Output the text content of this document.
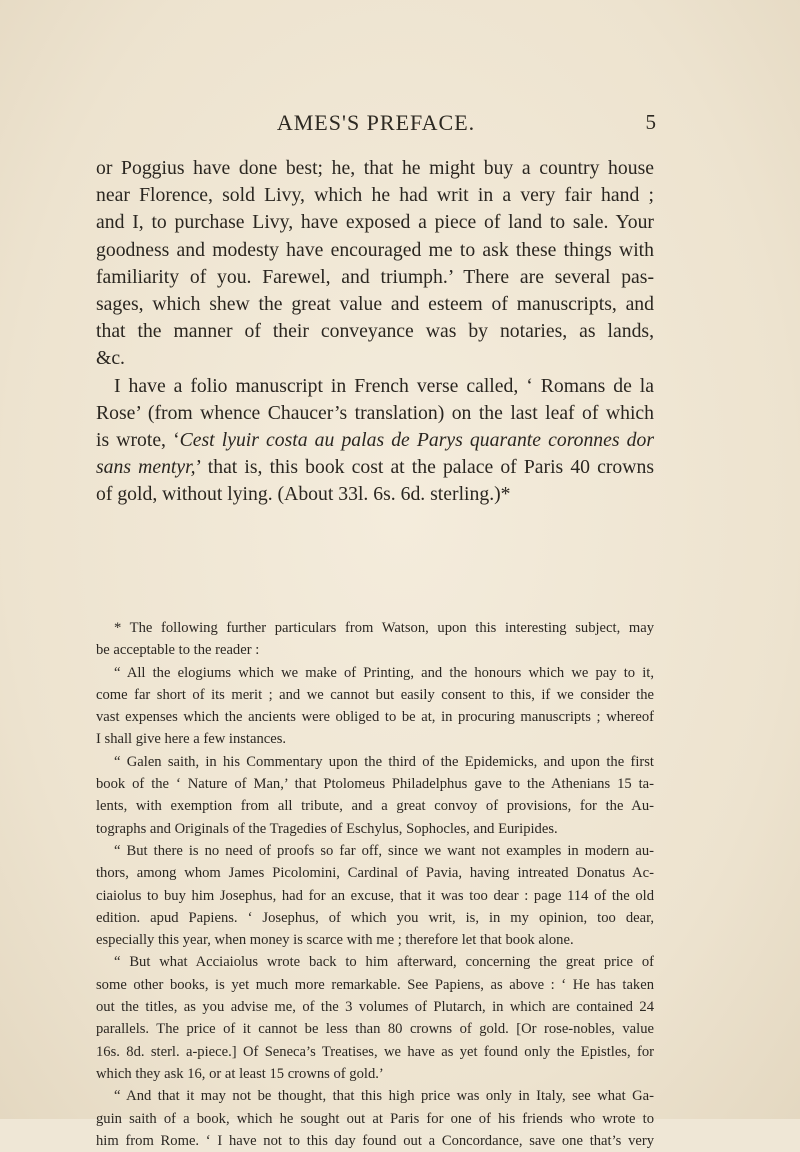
AMES'S PREFACE.	5

or Poggius have done best; he, that he might buy a country house
near Florence, sold Livy, which he had writ in a very fair hand ;
and I, to purchase Livy, have exposed a piece of land to sale. Your
goodness and modesty have encouraged me to ask these things with
familiarity of you. Farewel, and triumph.’ There are several pas-
sages, which shew the great value and esteem of manuscripts, and
that the manner of their conveyance was by notaries, as lands,
&c.

I have a folio manuscript in French verse called, ‘ Romans de la
Rose’ (from whence Chaucer’s translation) on the last leaf of which
is wrote, ‘Cest lyuir costa au palas de Parys quarante coronnes dor
sans mentyr,’ that is, this book cost at the palace of Paris 40 crowns
of gold, without lying. (About 33l. 6s. 6d. sterling.)*

* The following further particulars from Watson, upon this interesting subject, may
be acceptable to the reader :
“ All the elogiums which we make of Printing, and the honours which we pay to it,
come far short of its merit ; and we cannot but easily consent to this, if we consider the
vast expenses which the ancients were obliged to be at, in procuring manuscripts ; whereof
I shall give here a few instances.
“ Galen saith, in his Commentary upon the third of the Epidemicks, and upon the first
book of the ‘ Nature of Man,’ that Ptolomeus Philadelphus gave to the Athenians 15 ta-
lents, with exemption from all tribute, and a great convoy of provisions, for the Au-
tographs and Originals of the Tragedies of Eschylus, Sophocles, and Euripides.
“ But there is no need of proofs so far off, since we want not examples in modern au-
thors, among whom James Picolomini, Cardinal of Pavia, having intreated Donatus Ac-
ciaiolus to buy him Josephus, had for an excuse, that it was too dear : page 114 of the old
edition. apud Papiens. ‘ Josephus, of which you writ, is, in my opinion, too dear,
especially this year, when money is scarce with me ; therefore let that book alone.
“ But what Acciaiolus wrote back to him afterward, concerning the great price of
some other books, is yet much more remarkable. See Papiens, as above : ‘ He has taken
out the titles, as you advise me, of the 3 volumes of Plutarch, in which are contained 24
parallels. The price of it cannot be less than 80 crowns of gold. [Or rose-nobles, value
16s. 8d. sterl. a-piece.] Of Seneca’s Treatises, we have as yet found only the Epistles, for
which they ask 16, or at least 15 crowns of gold.’
“ And that it may not be thought, that this high price was only in Italy, see what Ga-
guin saith of a book, which he sought out at Paris for one of his friends who wrote to
him from Rome. ‘ I have not to this day found out a Concordance, save one that’s very
